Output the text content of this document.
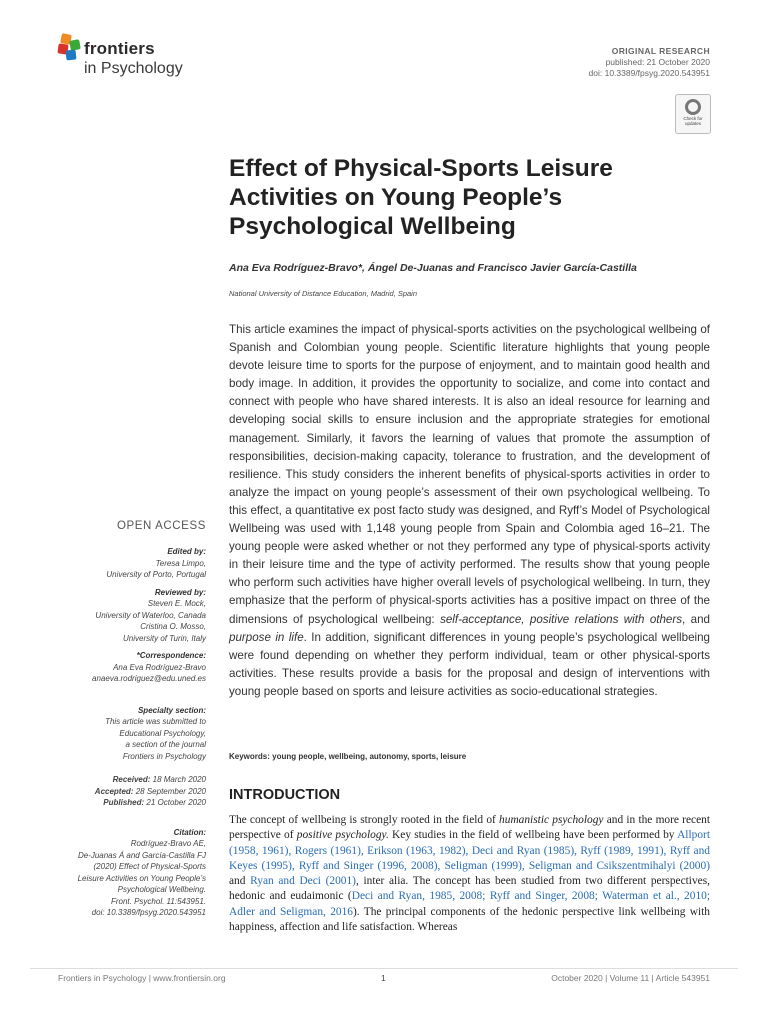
frontiers
in Psychology
ORIGINAL RESEARCH
published: 21 October 2020
doi: 10.3389/fpsyg.2020.543951
Check for
updates
Effect of Physical-Sports Leisure Activities on Young People’s Psychological Wellbeing
Ana Eva Rodríguez-Bravo*, Ángel De-Juanas and Francisco Javier García-Castilla
National University of Distance Education, Madrid, Spain

This article examines the impact of physical-sports activities on the psychological wellbeing of Spanish and Colombian young people. Scientific literature highlights that young people devote leisure time to sports for the purpose of enjoyment, and to maintain good health and body image. In addition, it provides the opportunity to socialize, and come into contact and connect with people who have shared interests. It is also an ideal resource for learning and developing social skills to ensure inclusion and the appropriate strategies for emotional management. Similarly, it favors the learning of values that promote the assumption of responsibilities, decision-making capacity, tolerance to frustration, and the development of resilience. This study considers the inherent benefits of physical-sports activities in order to analyze the impact on young people’s assessment of their own psychological wellbeing. To this effect, a quantitative ex post facto study was designed, and Ryff’s Model of Psychological Wellbeing was used with 1,148 young people from Spain and Colombia aged 16–21. The young people were asked whether or not they performed any type of physical-sports activity in their leisure time and the type of activity performed. The results show that young people who perform such activities have higher overall levels of psychological wellbeing. In turn, they emphasize that the perform of physical-sports activities has a positive impact on three of the dimensions of psychological wellbeing: self-acceptance, positive relations with others, and purpose in life. In addition, significant differences in young people’s psychological wellbeing were found depending on whether they perform individual, team or other physical-sports activities. These results provide a basis for the proposal and design of interventions with young people based on sports and leisure activities as socio-educational strategies.

Keywords: young people, wellbeing, autonomy, sports, leisure
INTRODUCTION

The concept of wellbeing is strongly rooted in the field of humanistic psychology and in the more recent perspective of positive psychology. Key studies in the field of wellbeing have been performed by Allport (1958, 1961), Rogers (1961), Erikson (1963, 1982), Deci and Ryan (1985), Ryff (1989, 1991), Ryff and Keyes (1995), Ryff and Singer (1996, 2008), Seligman (1999), Seligman and Csikszentmihalyi (2000) and Ryan and Deci (2001), inter alia. The concept has been studied from two different perspectives, hedonic and eudaimonic (Deci and Ryan, 1985, 2008; Ryff and Singer, 2008; Waterman et al., 2010; Adler and Seligman, 2016). The principal components of the hedonic perspective link wellbeing with happiness, affection and life satisfaction. Whereas

OPEN ACCESS
Edited by:
Teresa Limpo,
University of Porto, Portugal
Reviewed by:
Steven E. Mock,
University of Waterloo, Canada
Cristina O. Mosso,
University of Turin, Italy
*Correspondence:
Ana Eva Rodríguez-Bravo
anaeva.rodriguez@edu.uned.es
Specialty section:
This article was submitted to
Educational Psychology,
a section of the journal
Frontiers in Psychology
Received: 18 March 2020
Accepted: 28 September 2020
Published: 21 October 2020
Citation:
Rodríguez-Bravo AE,
De-Juanas Á and García-Castilla FJ
(2020) Effect of Physical-Sports
Leisure Activities on Young People’s
Psychological Wellbeing.
Front. Psychol. 11:543951.
doi: 10.3389/fpsyg.2020.543951
Frontiers in Psychology | www.frontiersin.org	1	October 2020 | Volume 11 | Article 543951
